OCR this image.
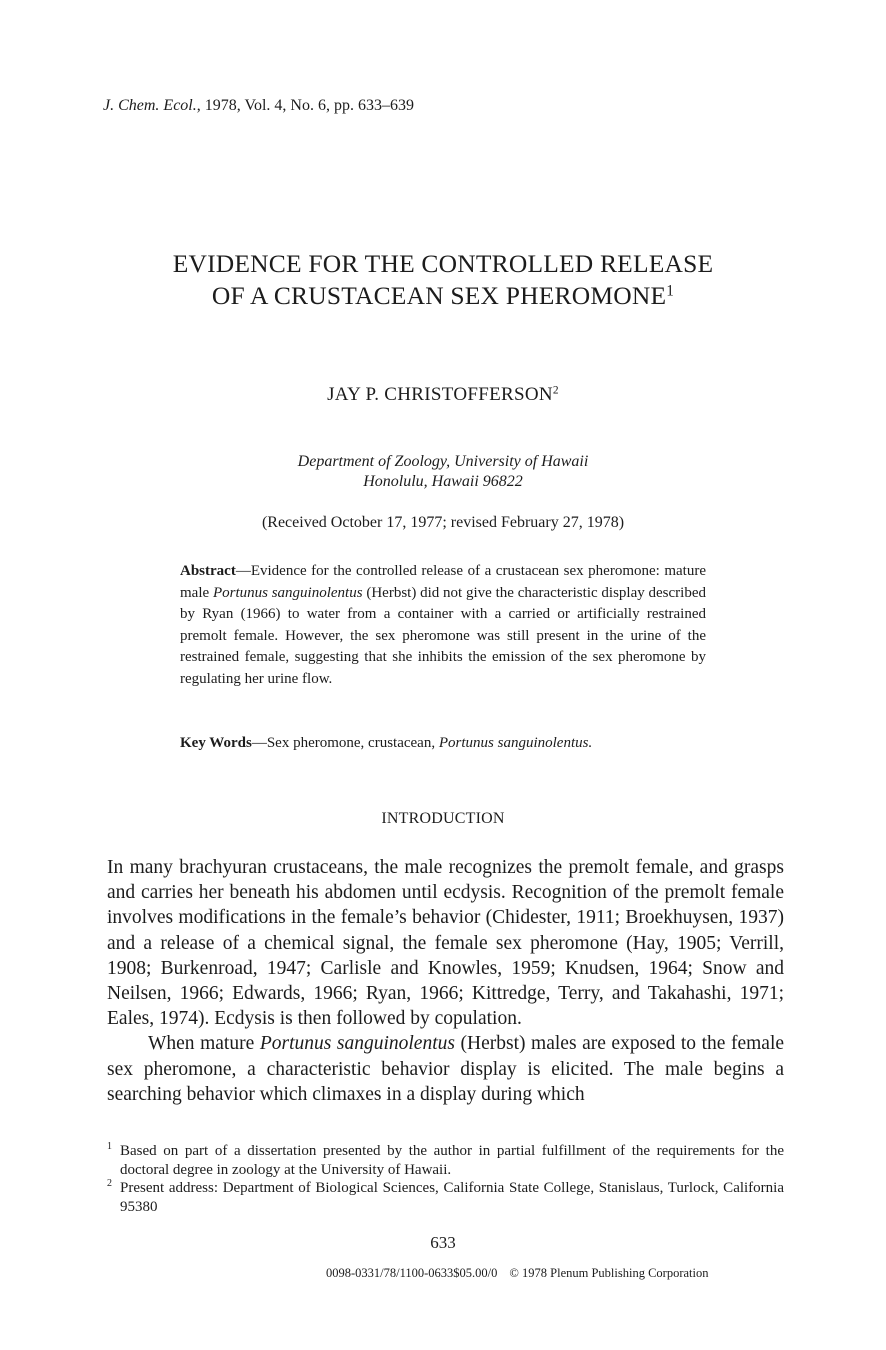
J. Chem. Ecol., 1978, Vol. 4, No. 6, pp. 633–639
EVIDENCE FOR THE CONTROLLED RELEASE
OF A CRUSTACEAN SEX PHEROMONE$^1$
JAY P. CHRISTOFFERSON$^2$
Department of Zoology, University of Hawaii
Honolulu, Hawaii 96822
(Received October 17, 1977; revised February 27, 1978)
Abstract—Evidence for the controlled release of a crustacean sex pheromone: mature male Portunus sanguinolentus (Herbst) did not give the characteristic display described by Ryan (1966) to water from a container with a carried or artificially restrained premolt female. However, the sex pheromone was still present in the urine of the restrained female, suggesting that she inhibits the emission of the sex pheromone by regulating her urine flow.
Key Words—Sex pheromone, crustacean, Portunus sanguinolentus.
INTRODUCTION

In many brachyuran crustaceans, the male recognizes the premolt female, and grasps and carries her beneath his abdomen until ecdysis. Recognition of the premolt female involves modifications in the female’s behavior (Chidester, 1911; Broekhuysen, 1937) and a release of a chemical signal, the female sex pheromone (Hay, 1905; Verrill, 1908; Burkenroad, 1947; Carlisle and Knowles, 1959; Knudsen, 1964; Snow and Neilsen, 1966; Edwards, 1966; Ryan, 1966; Kittredge, Terry, and Takahashi, 1971; Eales, 1974). Ecdysis is then followed by copulation.

When mature Portunus sanguinolentus (Herbst) males are exposed to the female sex pheromone, a characteristic behavior display is elicited. The male begins a searching behavior which climaxes in a display during which

1 Based on part of a dissertation presented by the author in partial fulfillment of the requirements for the doctoral degree in zoology at the University of Hawaii.

2 Present address: Department of Biological Sciences, California State College, Stanislaus, Turlock, California 95380

633
0098-0331/78/1100-0633$05.00/0 © 1978 Plenum Publishing Corporation
